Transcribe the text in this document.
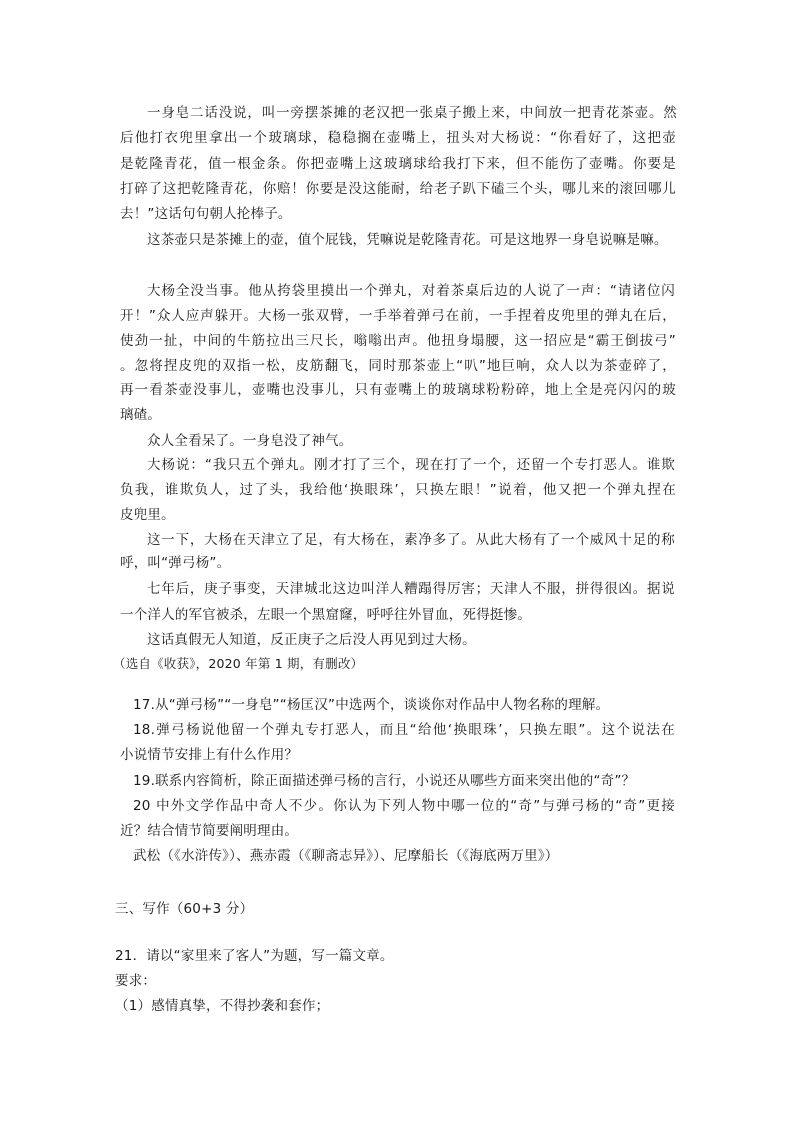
一身皂二话没说，叫一旁摆茶摊的老汉把一张桌子搬上来，中间放一把青花茶壶。然

后他打衣兜里拿出一个玻璃球，稳稳搁在壶嘴上，扭头对大杨说：“你看好了，这把壶

是乾隆青花，值一根金条。你把壶嘴上这玻璃球给我打下来，但不能伤了壶嘴。你要是

打碎了这把乾隆青花，你赔！你要是没这能耐，给老子趴下磕三个头，哪儿来的滚回哪儿

去！”这话句句朝人抡棒子。

这茶壶只是茶摊上的壶，值个屁钱，凭嘛说是乾隆青花。可是这地界一身皂说嘛是嘛。

大杨全没当事。他从挎袋里摸出一个弹丸，对着茶桌后边的人说了一声：“请诸位闪

开！”众人应声躲开。大杨一张双臂，一手举着弹弓在前，一手捏着皮兜里的弹丸在后，

使劲一扯，中间的牛筋拉出三尺长，嗡嗡出声。他扭身塌腰，这一招应是“霸王倒拔弓”

。忽将捏皮兜的双指一松，皮筋翻飞，同时那茶壶上“叭”地巨响，众人以为茶壶碎了，

再一看茶壶没事儿，壶嘴也没事儿，只有壶嘴上的玻璃球粉粉碎，地上全是亮闪闪的玻

璃碴。

众人全看呆了。一身皂没了神气。

大杨说：“我只五个弹丸。刚才打了三个，现在打了一个，还留一个专打恶人。谁欺

负我，谁欺负人，过了头，我给他‘换眼珠’，只换左眼！”说着，他又把一个弹丸捏在

皮兜里。

这一下，大杨在天津立了足，有大杨在，素净多了。从此大杨有了一个威风十足的称

呼，叫“弹弓杨”。

七年后，庚子事变，天津城北这边叫洋人糟蹋得厉害；天津人不服，拼得很凶。据说

一个洋人的军官被杀，左眼一个黑窟窿，呼呼往外冒血，死得挺惨。

这话真假无人知道，反正庚子之后没人再见到过大杨。

（选自《收获》，2020 年第 1 期，有删改）

17.从“弹弓杨”“一身皂”“杨匡汉”中选两个，谈谈你对作品中人物名称的理解。

18.弹弓杨说他留一个弹丸专打恶人，而且“给他‘换眼珠’，只换左眼”。这个说法在

小说情节安排上有什么作用？

19.联系内容简析，除正面描述弹弓杨的言行，小说还从哪些方面来突出他的“奇”？

20 中外文学作品中奇人不少。你认为下列人物中哪一位的“奇”与弹弓杨的“奇”更接

近？结合情节简要阐明理由。

武松（《水浒传》）、燕赤霞（《聊斋志异》）、尼摩船长（《海底两万里》）

三、写作（60+3 分）

21．请以“家里来了客人”为题，写一篇文章。

要求：

（1）感情真挚，不得抄袭和套作；
